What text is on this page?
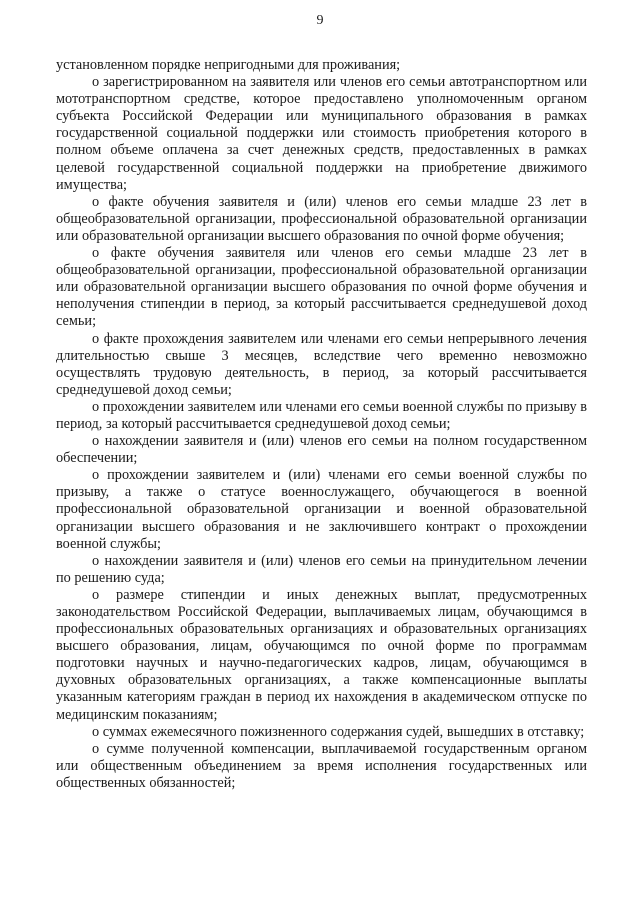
9

установленном порядке непригодными для проживания;

о зарегистрированном на заявителя или членов его семьи автотранспортном или мототранспортном средстве, которое предоставлено уполномоченным органом субъекта Российской Федерации или муниципального образования в рамках государственной социальной поддержки или стоимость приобретения которого в полном объеме оплачена за счет денежных средств, предоставленных в рамках целевой государственной социальной поддержки на приобретение движимого имущества;

о факте обучения заявителя и (или) членов его семьи младше 23 лет в общеобразовательной организации, профессиональной образовательной организации или образовательной организации высшего образования по очной форме обучения;

о факте обучения заявителя или членов его семьи младше 23 лет в общеобразовательной организации, профессиональной образовательной организации или образовательной организации высшего образования по очной форме обучения и неполучения стипендии в период, за который рассчитывается среднедушевой доход семьи;

о факте прохождения заявителем или членами его семьи непрерывного лечения длительностью свыше 3 месяцев, вследствие чего временно невозможно осуществлять трудовую деятельность, в период, за который рассчитывается среднедушевой доход семьи;

о прохождении заявителем или членами его семьи военной службы по призыву в период, за который рассчитывается среднедушевой доход семьи;

о нахождении заявителя и (или) членов его семьи на полном государственном обеспечении;

о прохождении заявителем и (или) членами его семьи военной службы по призыву, а также о статусе военнослужащего, обучающегося в военной профессиональной образовательной организации и военной образовательной организации высшего образования и не заключившего контракт о прохождении военной службы;

о нахождении заявителя и (или) членов его семьи на принудительном лечении по решению суда;

о размере стипендии и иных денежных выплат, предусмотренных законодательством Российской Федерации, выплачиваемых лицам, обучающимся в профессиональных образовательных организациях и образовательных организациях высшего образования, лицам, обучающимся по очной форме по программам подготовки научных и научно-педагогических кадров, лицам, обучающимся в духовных образовательных организациях, а также компенсационные выплаты указанным категориям граждан в период их нахождения в академическом отпуске по медицинским показаниям;

о суммах ежемесячного пожизненного содержания судей, вышедших в отставку;

о сумме полученной компенсации, выплачиваемой государственным органом или общественным объединением за время исполнения государственных или общественных обязанностей;
